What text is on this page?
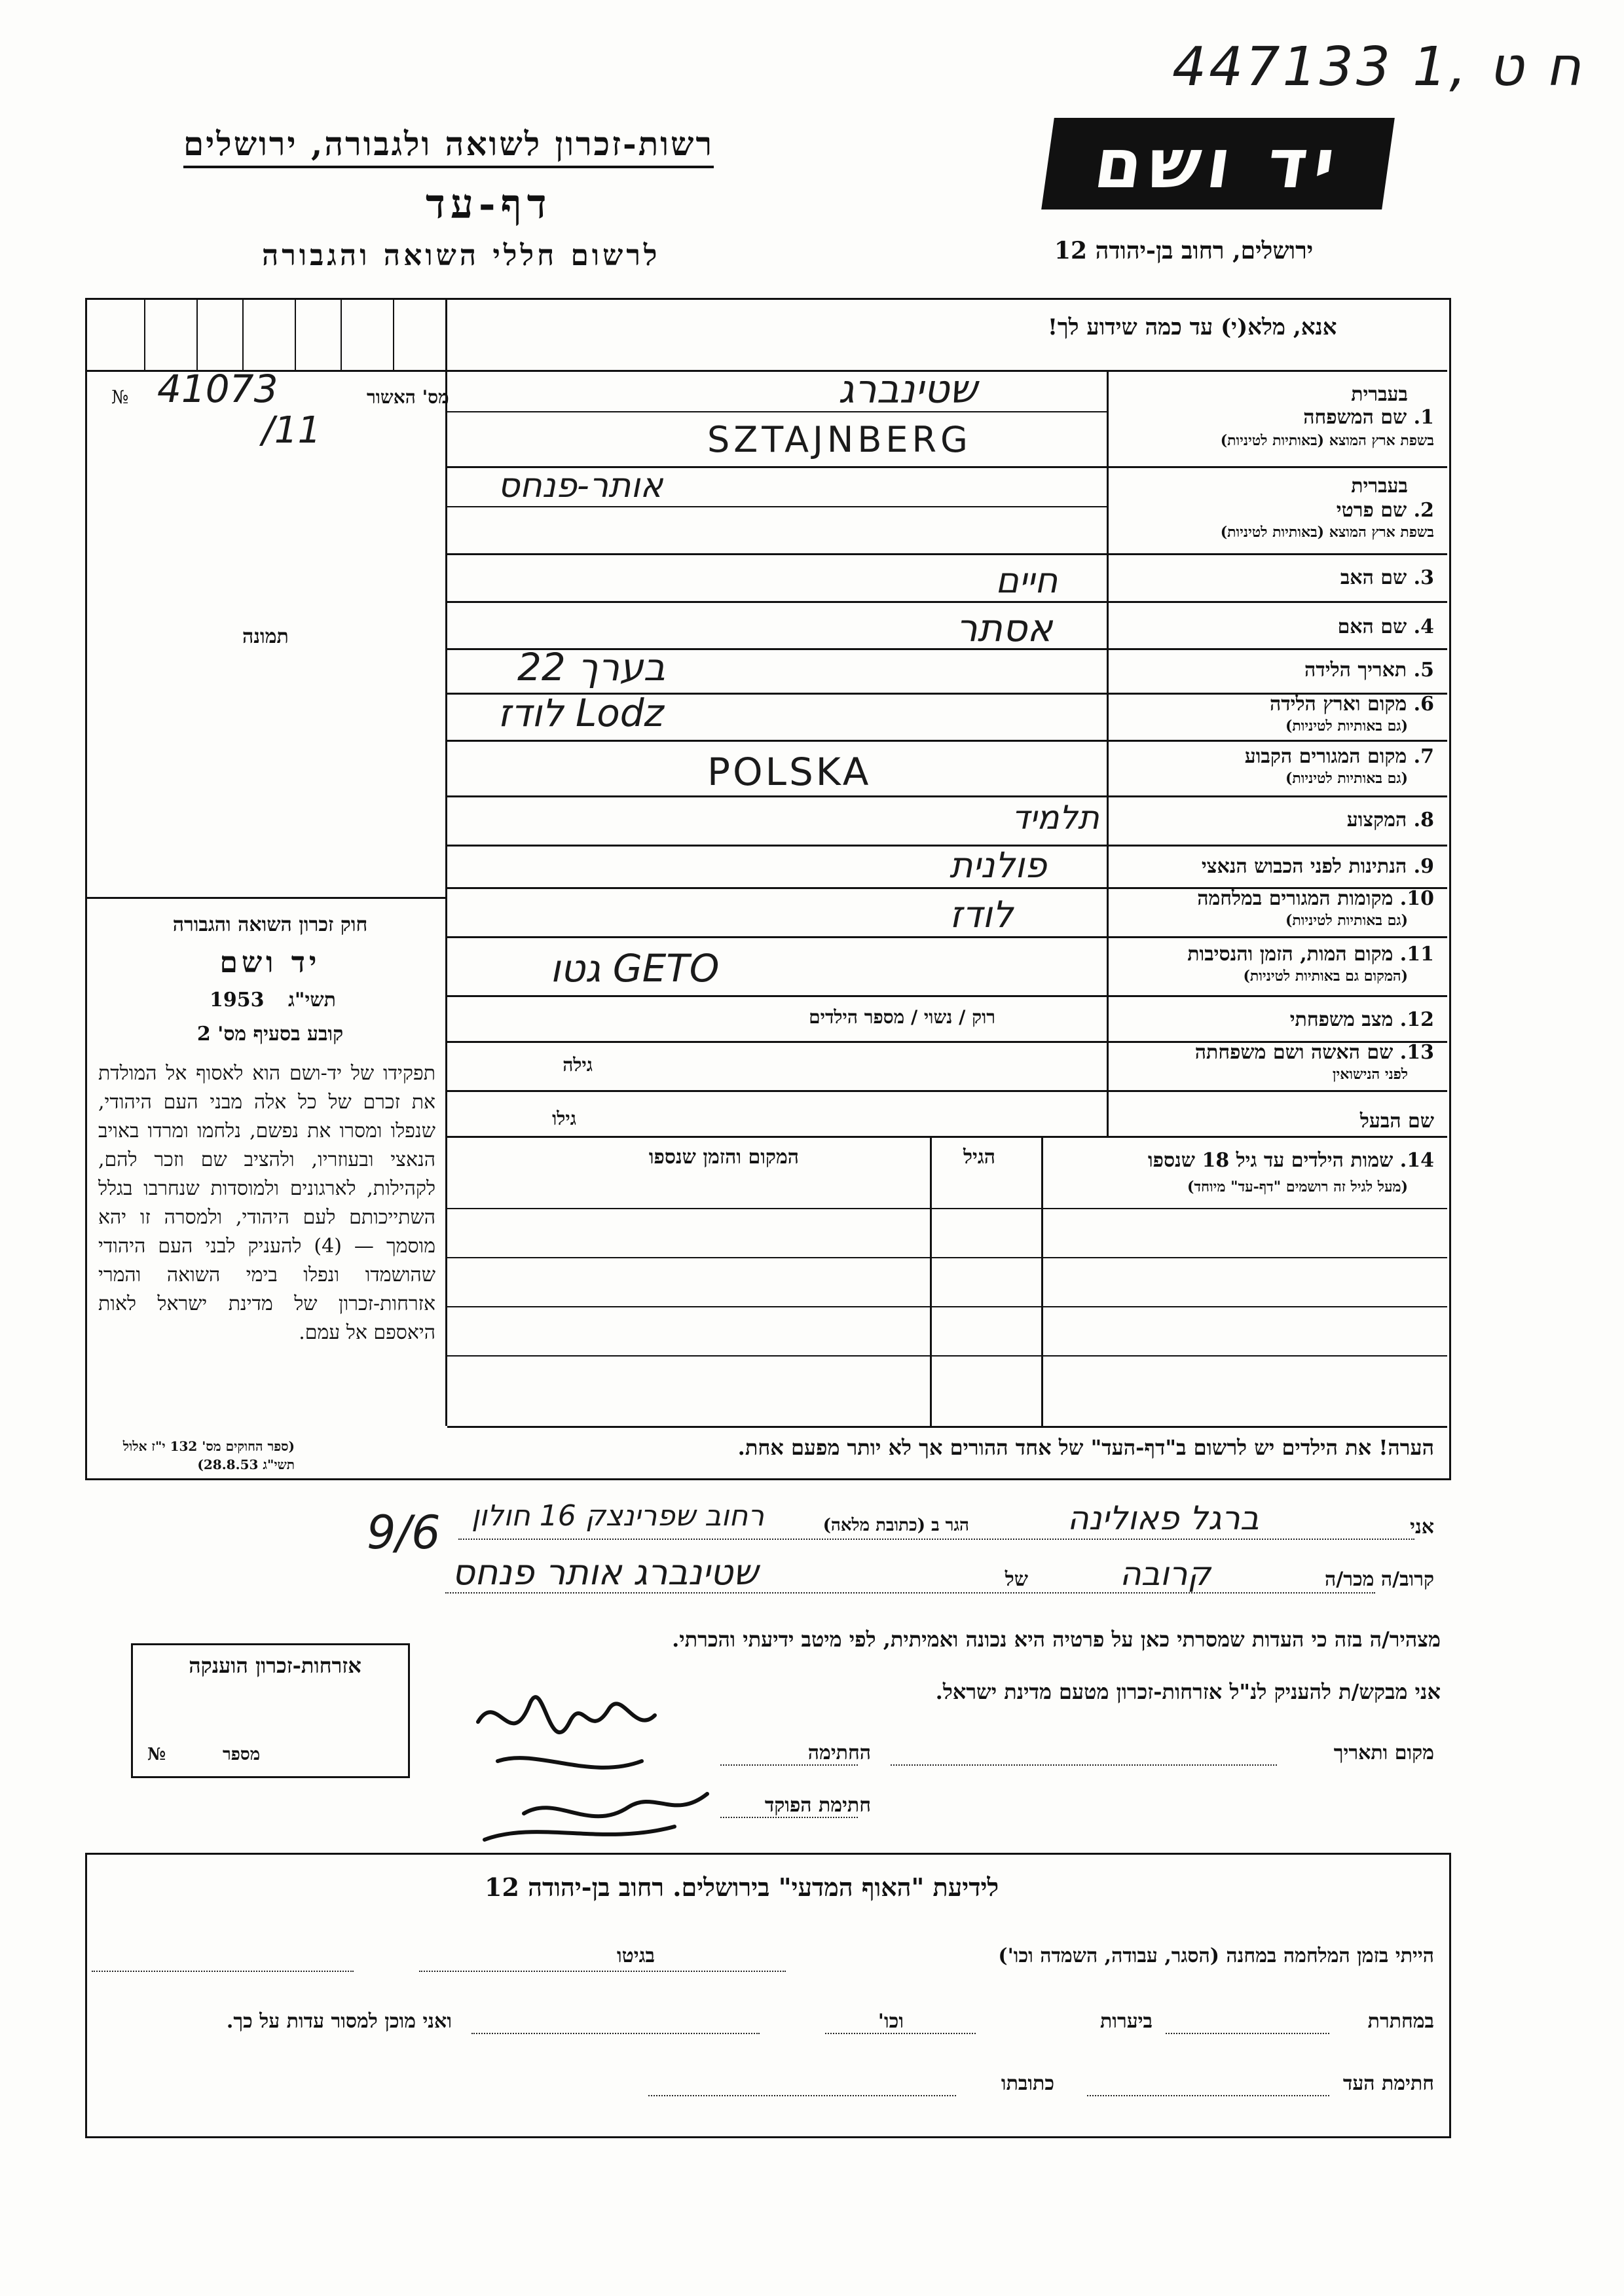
447133 1, ח ט
רשות-זכרון לשואה ולגבורה, ירושלים
דף-עד
לרשום חללי השואה והגבורה
יד ושם
ירושלים, רחוב בן-יהודה 12
אנא, מלא(י) עד כמה שידוע לך!
№ 41073	מס' האשור
/11
תמונה
חוק זכרון השואה והגבורה
יד ושם
תשי"ג
1953
קובע בסעיף מס' 2
תפקידו של יד-ושם הוא לאסוף אל המולדת את זכרם של כל אלה מבני העם היהודי, שנפלו ומסרו את נפשם, נלחמו ומרדו באויב הנאצי ובעוזריו, ולהציב שם וזכר להם, לקהילות, לארגונים ולמוסדות שנחרבו בגלל השתייכותם לעם היהודי, ולמסרה זו יהא מוסמך — (4) להעניק לבני העם היהודי שהושמדו ונפלו בימי השואה והמרי אזרחות-זכרון של מדינת ישראל לאות היאספם אל עמם.
(ספר החוקים מס' 132 י"ז אלול תשי"ג 28.8.53)
בעברית
1. שם המשפחה
בשפת ארץ המוצא (באותיות לטיניות)
שטינברג
SZTAJNBERG
בעברית
2. שם פרטי
בשפת ארץ המוצא (באותיות לטיניות)
אותר-פנחס
3. שם האב
חיים
4. שם האם
אסתר
5. תאריך הלידה
22 בערך
6. מקום וארץ הלידה
(גם באותיות לטיניות)
לודז Lodz
7. מקום המגורים הקבוע
(גם באותיות לטיניות)
POLSKA
8. המקצוע
תלמיד
9. הנתינות לפני הכבוש הנאצי
פולנית
10. מקומות המגורים במלחמה
(גם באותיות לטיניות)
לודז
11. מקום המות, הזמן והנסיבות
(המקום גם באותיות לטיניות)
גטו GETO
12. מצב משפחתי
רוק / נשוי / מספר הילדים
13. שם האשה ושם משפחתה
לפני הנישואין
גילה
שם הבעל
גילו
14. שמות הילדים עד גיל 18 שנספו
(מעל לגיל זה רושמים "דף-עד" מיוחד)
הגיל
המקום והזמן שנספו
הערה! את הילדים יש לרשום ב"דף-העד" של אחד ההורים אך לא יותר מפעם אחת.
אני
ברגל פאולינה
הגר ב (כתובת מלאה)
רחוב שפרינצק 16 חולון
9/6
קרוב/ה מכר/ה
קרובה
של
שטינברג אותר פנחס
מצהיר/ה בזה כי העדות שמסרתי כאן על פרטיה היא נכונה ואמיתית, לפי מיטב ידיעתי והכרתי.
אני מבקש/ת להעניק לנ"ל אזרחות-זכרון מטעם מדינת ישראל.
מקום ותאריך
החתימה
חתימת הפוקד
אזרחות-זכרון הוענקה
מספר
№
לידיעת "האוף המדעי" בירושלים. רחוב בן-יהודה 12
הייתי בזמן המלחמה במחנה (הסגר, עבודה, השמדה וכו')
בגיטו
במחתרת
ביערות
וכו'
ואני מוכן למסור עדות על כך.
חתימת העד
כתובתו
